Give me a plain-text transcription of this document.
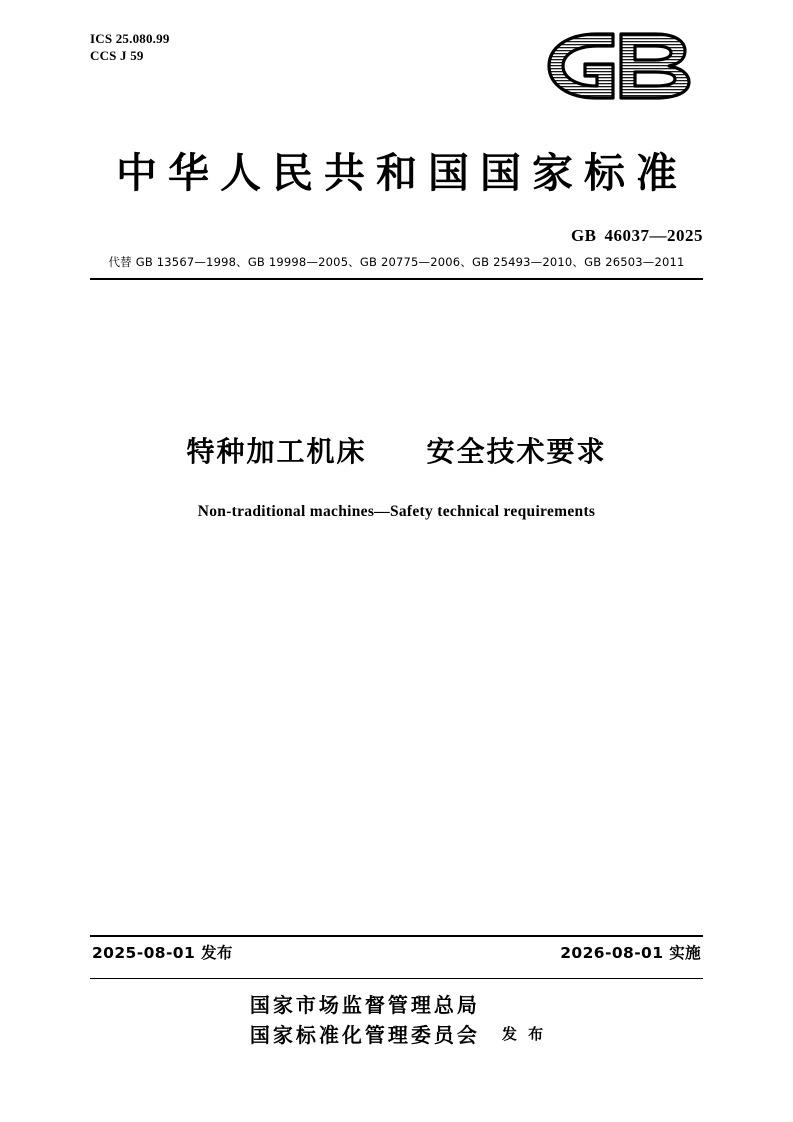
ICS 25.080.99
CCS J 59
中华人民共和国国家标准
GB 46037—2025
代替 GB 13567—1998、GB 19998—2005、GB 20775—2006、GB 25493—2010、GB 26503—2011
特种加工机床　　安全技术要求
Non-traditional machines—Safety technical requirements
2025-08-01 发布	2026-08-01 实施
国家市场监督管理总局
国家标准化管理委员会 发 布
